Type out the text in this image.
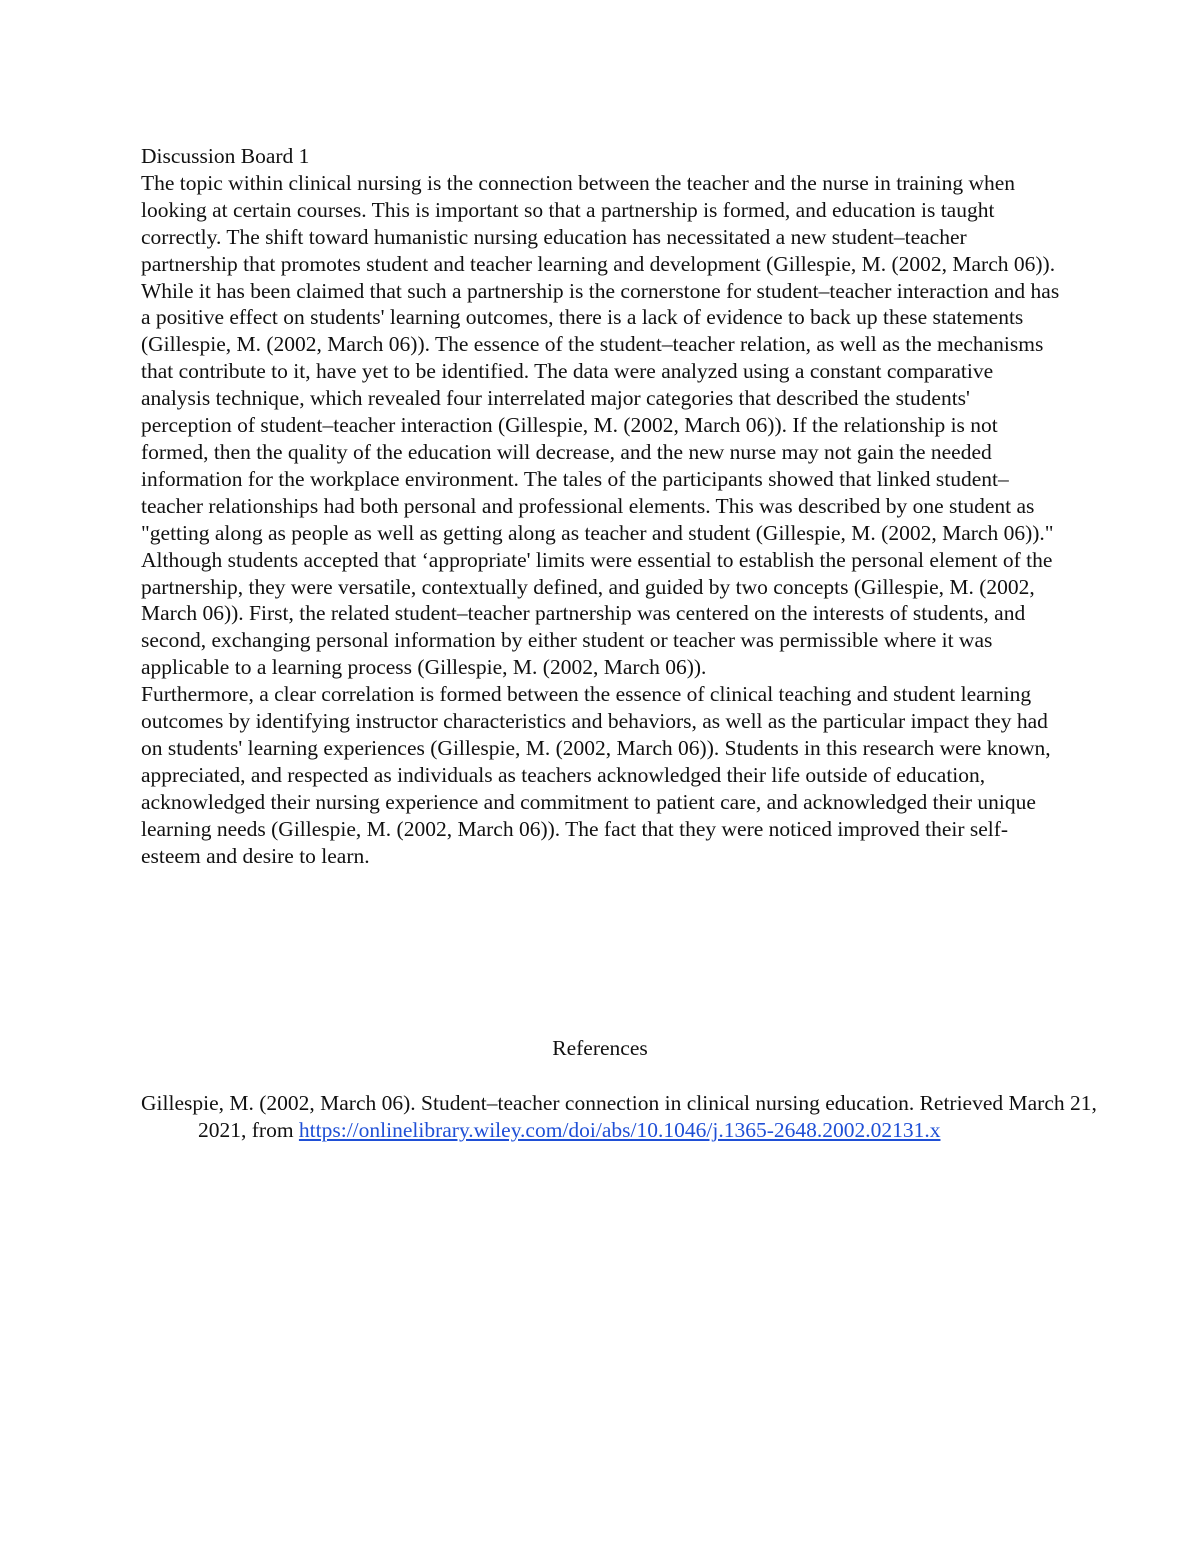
Discussion Board 1

The topic within clinical nursing is the connection between the teacher and the nurse in training when looking at certain courses. This is important so that a partnership is formed, and education is taught correctly. The shift toward humanistic nursing education has necessitated a new student–teacher partnership that promotes student and teacher learning and development (Gillespie, M. (2002, March 06)). While it has been claimed that such a partnership is the cornerstone for student–teacher interaction and has a positive effect on students' learning outcomes, there is a lack of evidence to back up these statements (Gillespie, M. (2002, March 06)). The essence of the student–teacher relation, as well as the mechanisms that contribute to it, have yet to be identified. The data were analyzed using a constant comparative analysis technique, which revealed four interrelated major categories that described the students' perception of student–teacher interaction (Gillespie, M. (2002, March 06)). If the relationship is not formed, then the quality of the education will decrease, and the new nurse may not gain the needed information for the workplace environment. The tales of the participants showed that linked student–teacher relationships had both personal and professional elements. This was described by one student as "getting along as people as well as getting along as teacher and student (Gillespie, M. (2002, March 06))." Although students accepted that ‘appropriate' limits were essential to establish the personal element of the partnership, they were versatile, contextually defined, and guided by two concepts (Gillespie, M. (2002, March 06)). First, the related student–teacher partnership was centered on the interests of students, and second, exchanging personal information by either student or teacher was permissible where it was applicable to a learning process (Gillespie, M. (2002, March 06)).

Furthermore, a clear correlation is formed between the essence of clinical teaching and student learning outcomes by identifying instructor characteristics and behaviors, as well as the particular impact they had on students' learning experiences (Gillespie, M. (2002, March 06)). Students in this research were known, appreciated, and respected as individuals as teachers acknowledged their life outside of education, acknowledged their nursing experience and commitment to patient care, and acknowledged their unique learning needs (Gillespie, M. (2002, March 06)). The fact that they were noticed improved their self-esteem and desire to learn.

References

Gillespie, M. (2002, March 06). Student–teacher connection in clinical nursing education. Retrieved March 21, 2021, from https://onlinelibrary.wiley.com/doi/abs/10.1046/j.1365-2648.2002.02131.x
